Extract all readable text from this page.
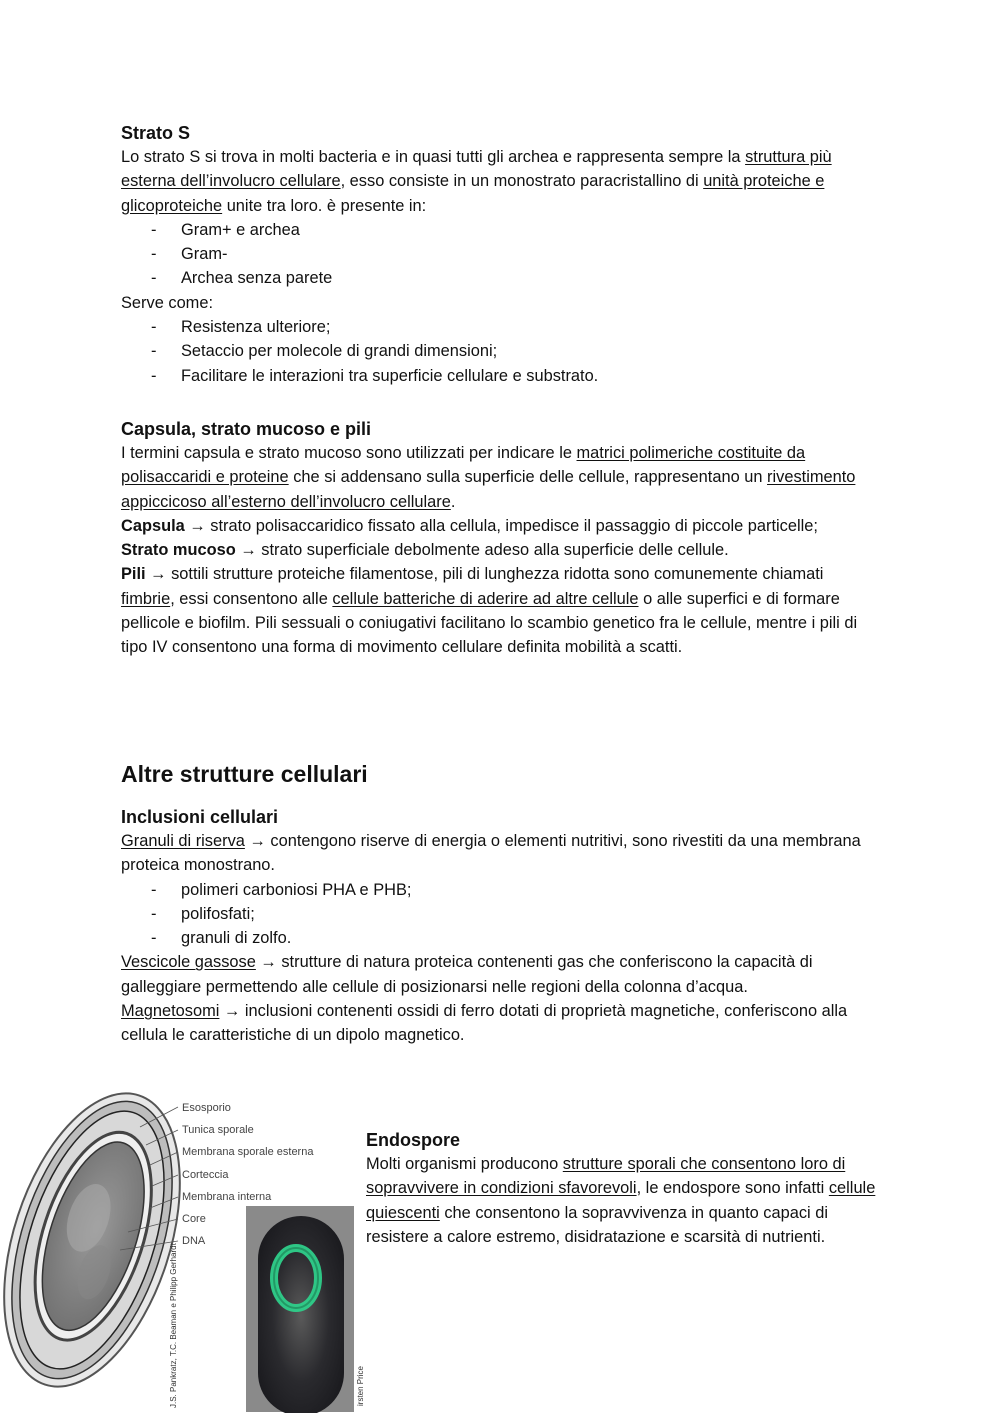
Strato S

Lo strato S si trova in molti bacteria e in quasi tutti gli archea e rappresenta sempre la struttura più esterna dell’involucro cellulare, esso consiste in un monostrato paracristallino di unità proteiche e glicoproteiche unite tra loro. è presente in:

- Gram+ e archea
- Gram-
- Archea senza parete

Serve come:

- Resistenza ulteriore;
- Setaccio per molecole di grandi dimensioni;
- Facilitare le interazioni tra superficie cellulare e substrato.
Capsula, strato mucoso e pili

I termini capsula e strato mucoso sono utilizzati per indicare le matrici polimeriche costituite da polisaccaridi e proteine che si addensano sulla superficie delle cellule, rappresentano un rivestimento appiccicoso all’esterno dell’involucro cellulare.

Capsula → strato polisaccaridico fissato alla cellula, impedisce il passaggio di piccole particelle;

Strato mucoso → strato superficiale debolmente adeso alla superficie delle cellule.

Pili → sottili strutture proteiche filamentose, pili di lunghezza ridotta sono comunemente chiamati fimbrie, essi consentono alle cellule batteriche di aderire ad altre cellule o alle superfici e di formare pellicole e biofilm. Pili sessuali o coniugativi facilitano lo scambio genetico fra le cellule, mentre i pili di tipo IV consentono una forma di movimento cellulare definita mobilità a scatti.

Altre strutture cellulari
Inclusioni cellulari

Granuli di riserva → contengono riserve di energia o elementi nutritivi, sono rivestiti da una membrana proteica monostrano.

- polimeri carboniosi PHA e PHB;
- polifosfati;
- granuli di zolfo.

Vescicole gassose → strutture di natura proteica contenenti gas che conferiscono la capacità di galleggiare permettendo alle cellule di posizionarsi nelle regioni della colonna d’acqua.

Magnetosomi → inclusioni contenenti ossidi di ferro dotati di proprietà magnetiche, conferiscono alla cellula le caratteristiche di un dipolo magnetico.

Esosporio
Tunica sporale
Membrana sporale esterna
Corteccia
Membrana interna
Core
DNA
J.S. Pankratz, T.C. Beaman e Philipp Gerhardt	irsten Price
Endospore

Molti organismi producono strutture sporali che consentono loro di sopravvivere in condizioni sfavorevoli, le endospore sono infatti cellule quiescenti che consentono la sopravvivenza in quanto capaci di resistere a calore estremo, disidratazione e scarsità di nutrienti.
